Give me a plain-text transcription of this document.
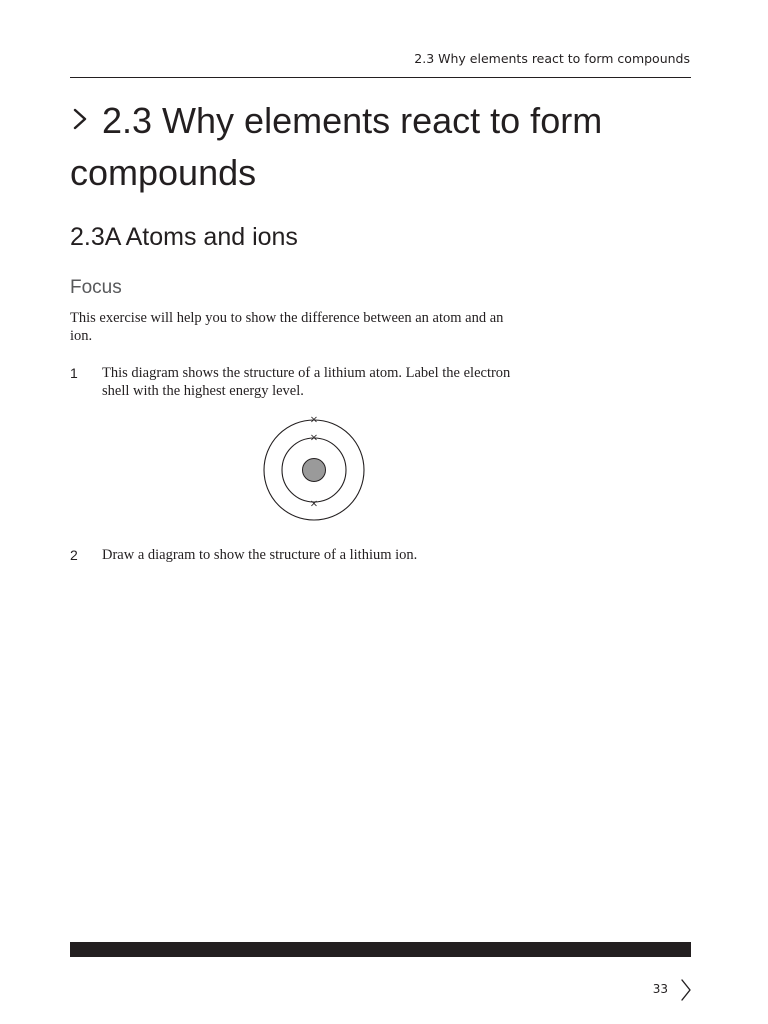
2.3 Why elements react to form compounds
2.3 Why elements react to form compounds
2.3A Atoms and ions
Focus

This exercise will help you to show the difference between an atom and an ion.

1 This diagram shows the structure of a lithium atom. Label the electron shell with the highest energy level.
×
×
×
2 Draw a diagram to show the structure of a lithium ion.
33
